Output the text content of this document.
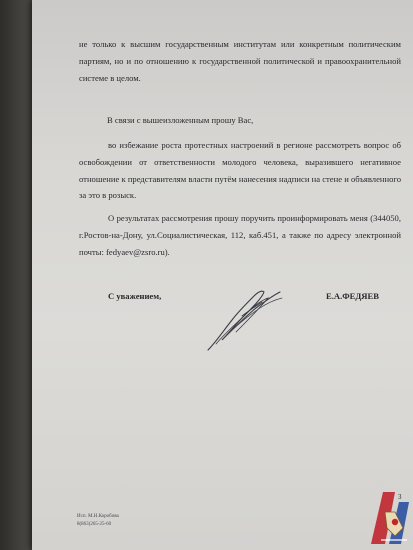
не только к высшим государственным институтам или конкретным политическим партиям, но и по отношению к государственной политической и правоохранительной системе в целом.

В связи с вышеизложенным прошу Вас,

во избежание роста протестных настроений в регионе рассмотреть вопрос об освобождении от ответственности молодого человека, выразившего негативное отношение к представителям власти путём нанесения надписи на стене и объявленного за это в розыск.

О результатах рассмотрения прошу поручить проинформировать меня (344050, г.Ростов-на-Дону, ул.Социалистическая, 112, каб.451, а также по адресу электронной почты: fedyaev@zsro.ru).

С уважением,	Е.А.ФЕДЯЕВ

3
Исп. М.Н.Коробова
8(863)265-25-60
